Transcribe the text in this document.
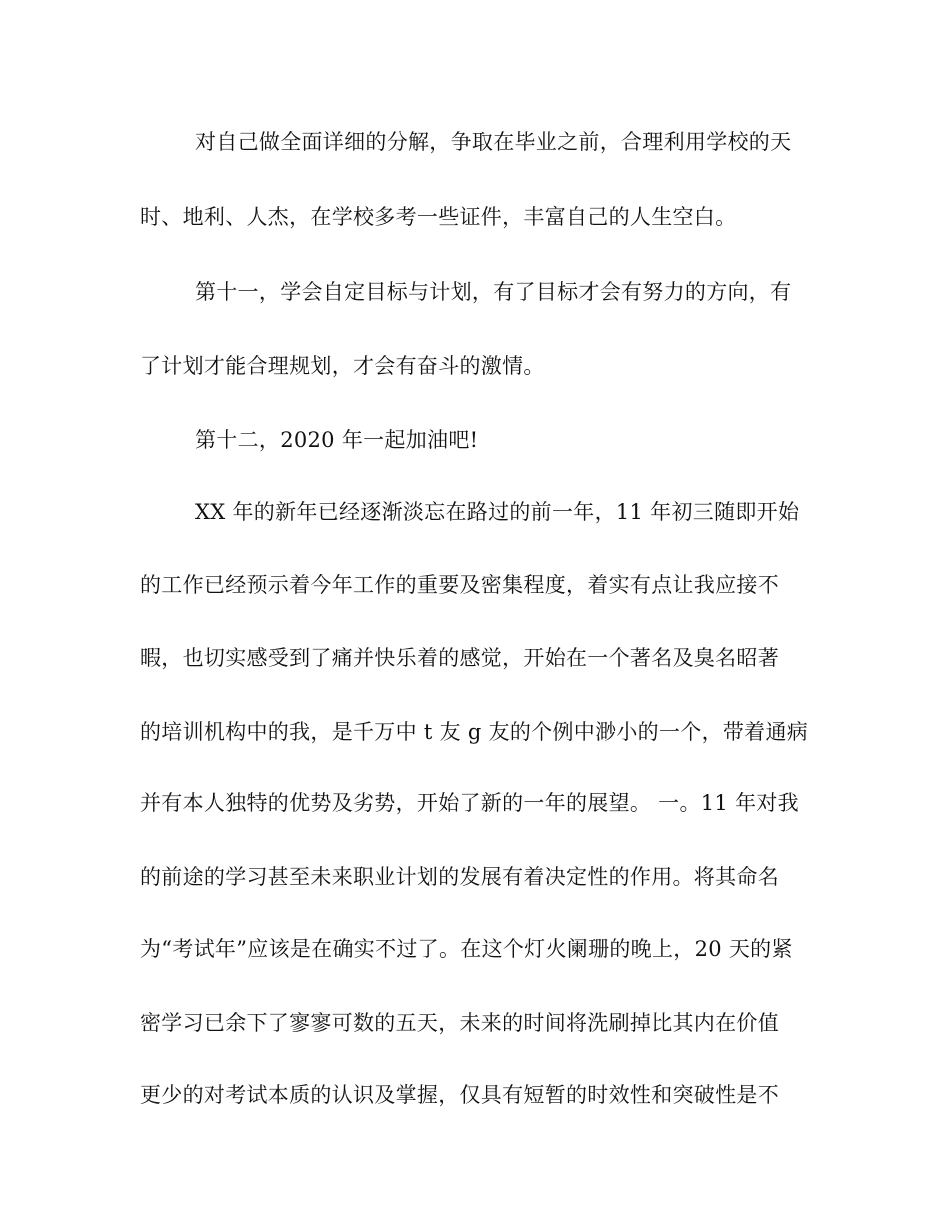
对自己做全面详细的分解，争取在毕业之前，合理利用学校的天
时、地利、人杰，在学校多考一些证件，丰富自己的人生空白。
第十一，学会自定目标与计划，有了目标才会有努力的方向，有
了计划才能合理规划，才会有奋斗的激情。
第十二，2020 年一起加油吧!
XX 年的新年已经逐渐淡忘在路过的前一年，11 年初三随即开始
的工作已经预示着今年工作的重要及密集程度，着实有点让我应接不
暇，也切实感受到了痛并快乐着的感觉，开始在一个著名及臭名昭著
的培训机构中的我，是千万中 t 友 g 友的个例中渺小的一个，带着通病
并有本人独特的优势及劣势，开始了新的一年的展望。 一。11 年对我
的前途的学习甚至未来职业计划的发展有着决定性的作用。将其命名
为“考试年”应该是在确实不过了。在这个灯火阑珊的晚上，20 天的紧
密学习已余下了寥寥可数的五天，未来的时间将洗刷掉比其内在价值
更少的对考试本质的认识及掌握，仅具有短暂的时效性和突破性是不
